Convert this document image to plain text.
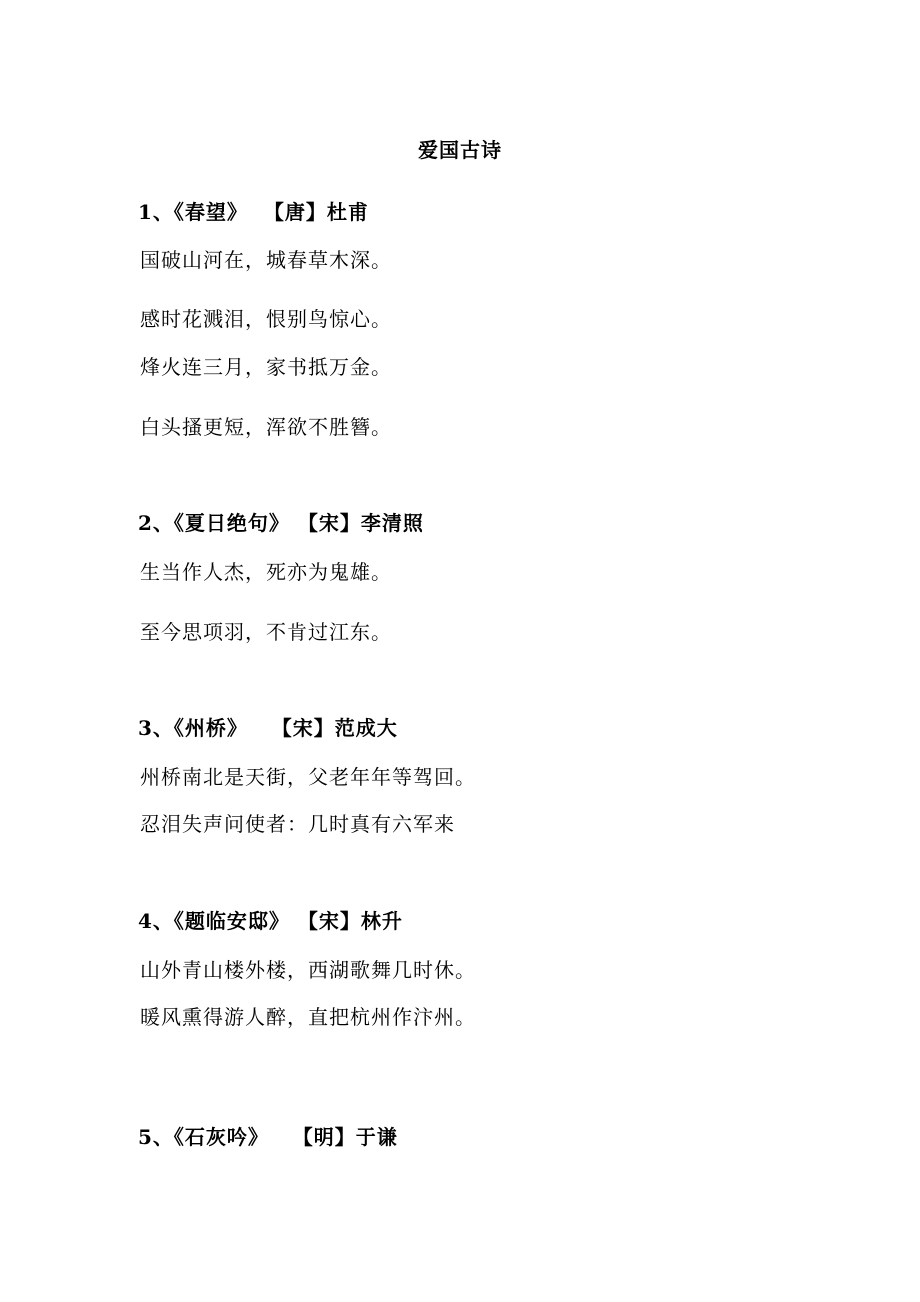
爱国古诗
1、《春望》  【唐】杜甫
国破山河在，城春草木深。
感时花溅泪，恨别鸟惊心。
烽火连三月，家书抵万金。
白头搔更短，浑欲不胜簪。
2、《夏日绝句》 【宋】李清照
生当作人杰，死亦为鬼雄。
至今思项羽，不肯过江东。
3、《州桥》   【宋】范成大
州桥南北是天街，父老年年等驾回。
忍泪失声问使者：几时真有六军来
4、《题临安邸》 【宋】林升
山外青山楼外楼，西湖歌舞几时休。
暖风熏得游人醉，直把杭州作汴州。
5、《石灰吟》   【明】于谦
